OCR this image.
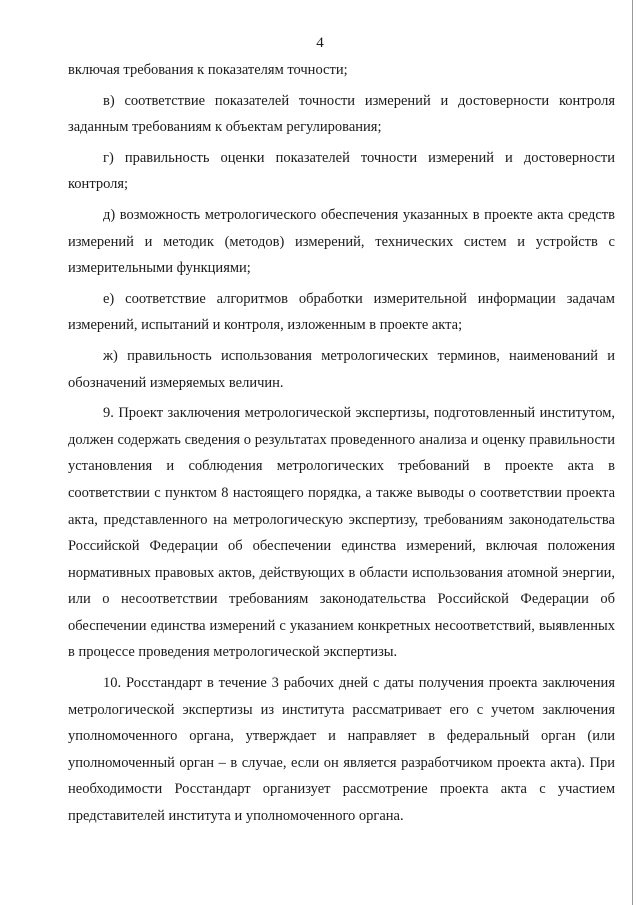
4

включая требования к показателям точности;

в) соответствие показателей точности измерений и достоверности контроля заданным требованиям к объектам регулирования;

г) правильность оценки показателей точности измерений и достоверности контроля;

д) возможность метрологического обеспечения указанных в проекте акта средств измерений и методик (методов) измерений, технических систем и устройств с измерительными функциями;

е) соответствие алгоритмов обработки измерительной информации задачам измерений, испытаний и контроля, изложенным в проекте акта;

ж) правильность использования метрологических терминов, наименований и обозначений измеряемых величин.

9. Проект заключения метрологической экспертизы, подготовленный институтом, должен содержать сведения о результатах проведенного анализа и оценку правильности установления и соблюдения метрологических требований в проекте акта в соответствии с пунктом 8 настоящего порядка, а также выводы о соответствии проекта акта, представленного на метрологическую экспертизу, требованиям законодательства Российской Федерации об обеспечении единства измерений, включая положения нормативных правовых актов, действующих в области использования атомной энергии, или о несоответствии требованиям законодательства Российской Федерации об обеспечении единства измерений с указанием конкретных несоответствий, выявленных в процессе проведения метрологической экспертизы.

10. Росстандарт в течение 3 рабочих дней с даты получения проекта заключения метрологической экспертизы из института рассматривает его с учетом заключения уполномоченного органа, утверждает и направляет в федеральный орган (или уполномоченный орган – в случае, если он является разработчиком проекта акта). При необходимости Росстандарт организует рассмотрение проекта акта с участием представителей института и уполномоченного органа.
